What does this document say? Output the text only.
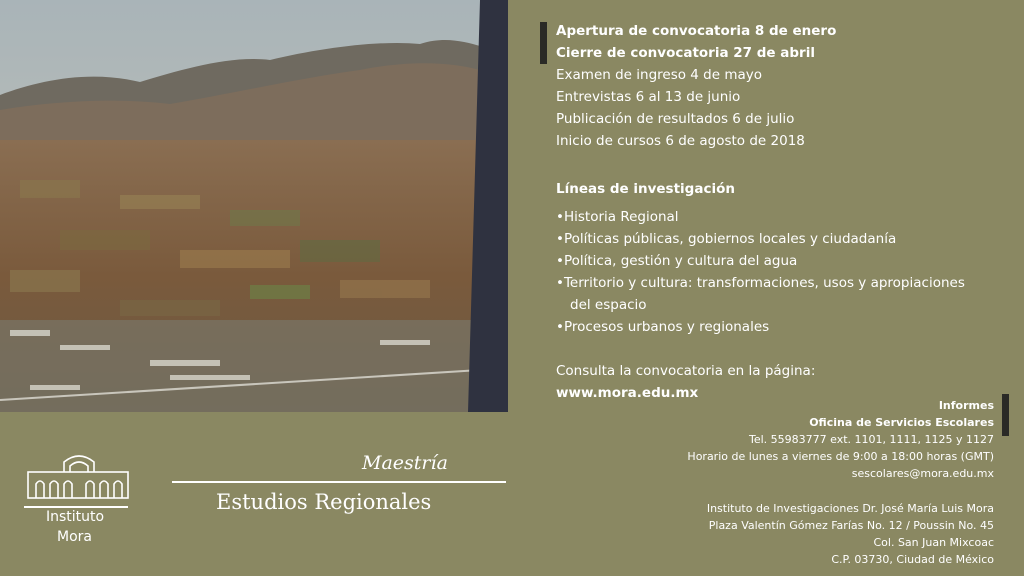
Instituto
Mora
Maestría
Estudios Regionales
Apertura de convocatoria 8 de enero
Cierre de convocatoria 27 de abril
Examen de ingreso 4 de mayo
Entrevistas 6 al 13 de junio
Publicación de resultados 6 de julio
Inicio de cursos 6 de agosto de 2018
Líneas de investigación
•Historia Regional
•Políticas públicas, gobiernos locales y ciudadanía
•Política, gestión y cultura del agua
•Territorio y cultura: transformaciones, usos y apropiaciones
del espacio
•Procesos urbanos y regionales
Consulta la convocatoria en la página:
www.mora.edu.mx
Informes
Oficina de Servicios Escolares
Tel. 55983777 ext. 1101, 1111, 1125 y 1127
Horario de lunes a viernes de 9:00 a 18:00 horas (GMT)
sescolares@mora.edu.mx
Instituto de Investigaciones Dr. José María Luis Mora
Plaza Valentín Gómez Farías No. 12 / Poussin No. 45
Col. San Juan Mixcoac
C.P. 03730, Ciudad de México
